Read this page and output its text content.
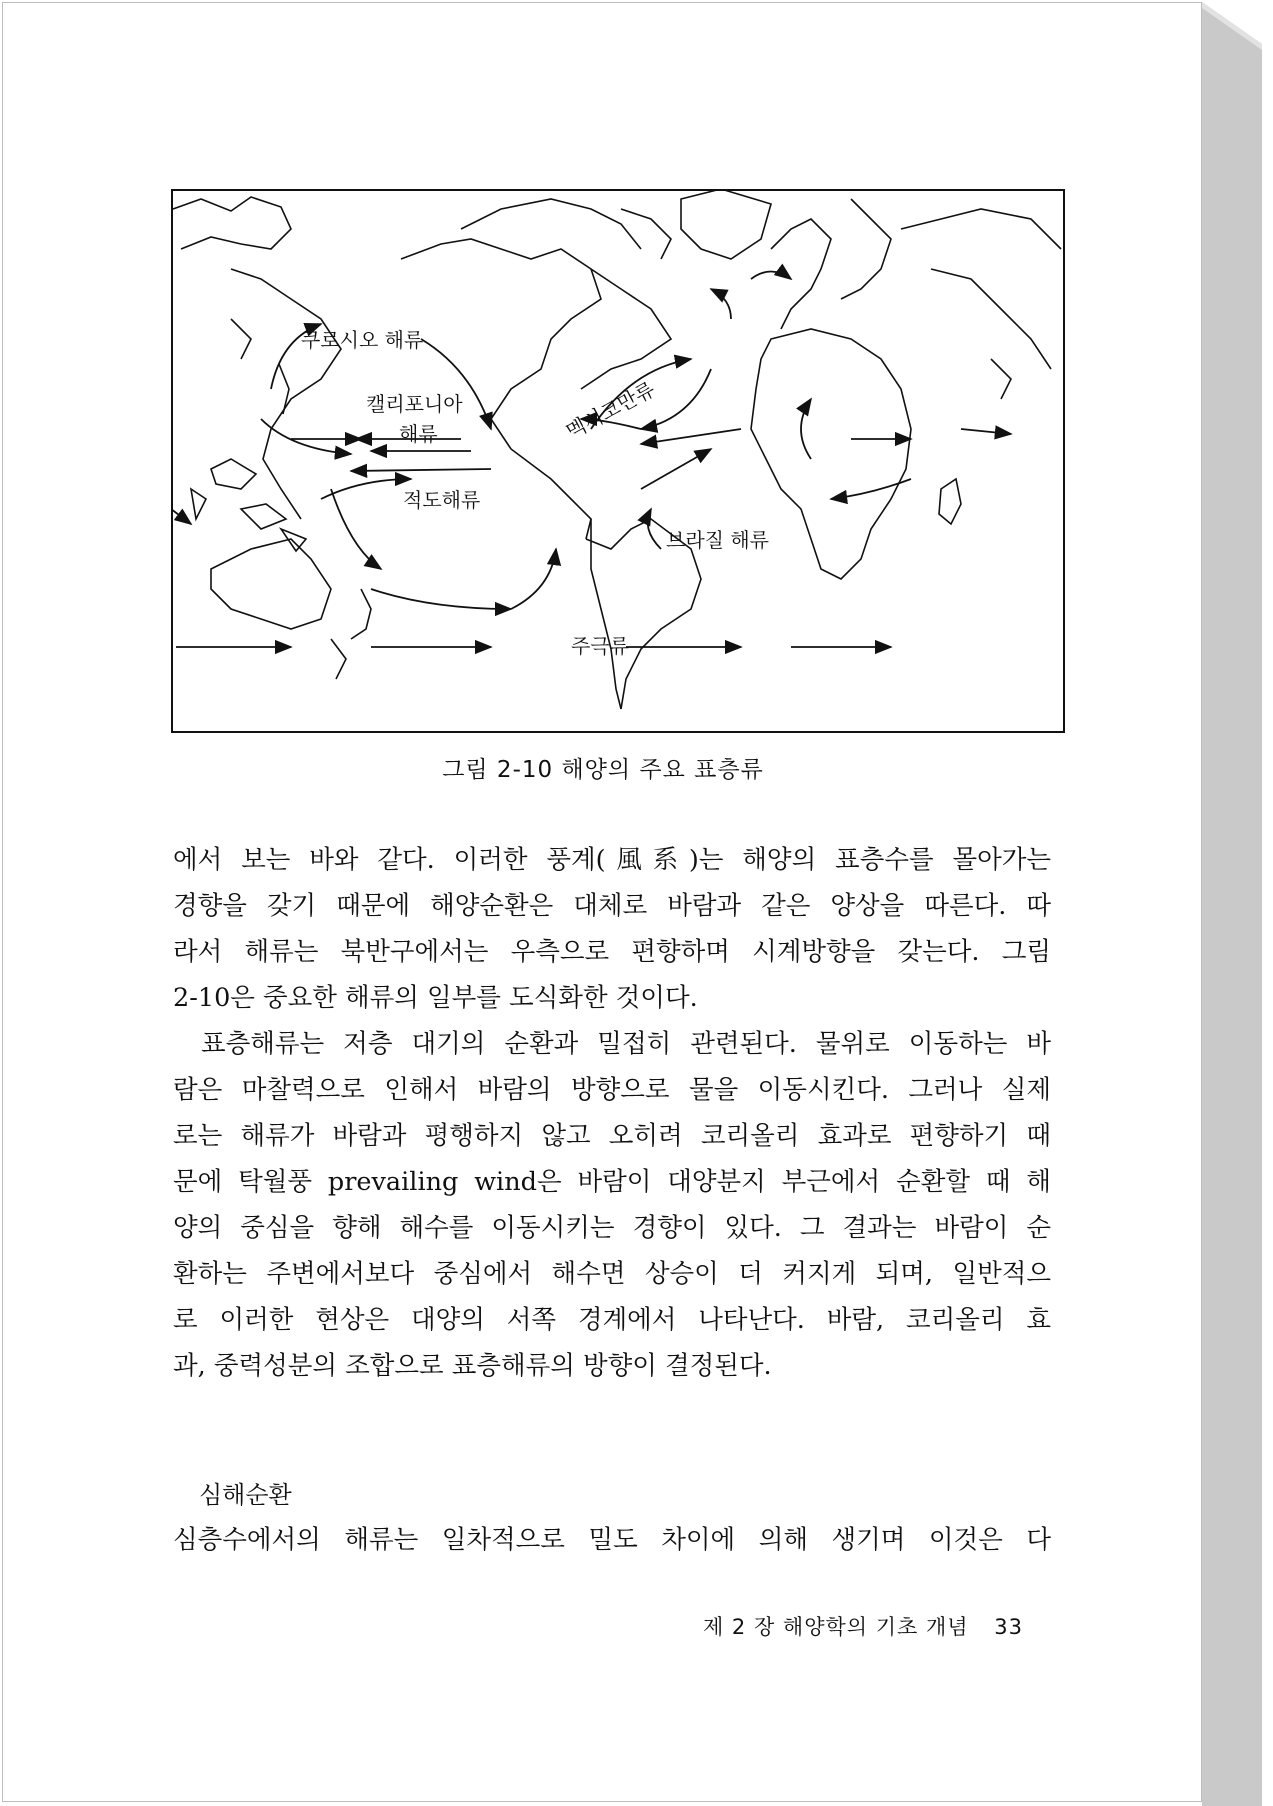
쿠로시오 해류
캘리포니아
해류	멕시코만류
적도해류
브라질 해류
주극류
그림 2-10 해양의 주요 표층류

에서 보는 바와 같다. 이러한 풍계(風系)는 해양의 표층수를 몰아가는

경향을 갖기 때문에 해양순환은 대체로 바람과 같은 양상을 따른다. 따

라서 해류는 북반구에서는 우측으로 편향하며 시계방향을 갖는다. 그림

2-10은 중요한 해류의 일부를 도식화한 것이다.

표층해류는 저층 대기의 순환과 밀접히 관련된다. 물위로 이동하는 바

람은 마찰력으로 인해서 바람의 방향으로 물을 이동시킨다. 그러나 실제

로는 해류가 바람과 평행하지 않고 오히려 코리올리 효과로 편향하기 때

문에 탁월풍 prevailing wind은 바람이 대양분지 부근에서 순환할 때 해

양의 중심을 향해 해수를 이동시키는 경향이 있다. 그 결과는 바람이 순

환하는 주변에서보다 중심에서 해수면 상승이 더 커지게 되며, 일반적으

로 이러한 현상은 대양의 서쪽 경계에서 나타난다. 바람, 코리올리 효

과, 중력성분의 조합으로 표층해류의 방향이 결정된다.

심해순환

심층수에서의 해류는 일차적으로 밀도 차이에 의해 생기며 이것은 다

제 2 장 해양학의 기초 개념 33
